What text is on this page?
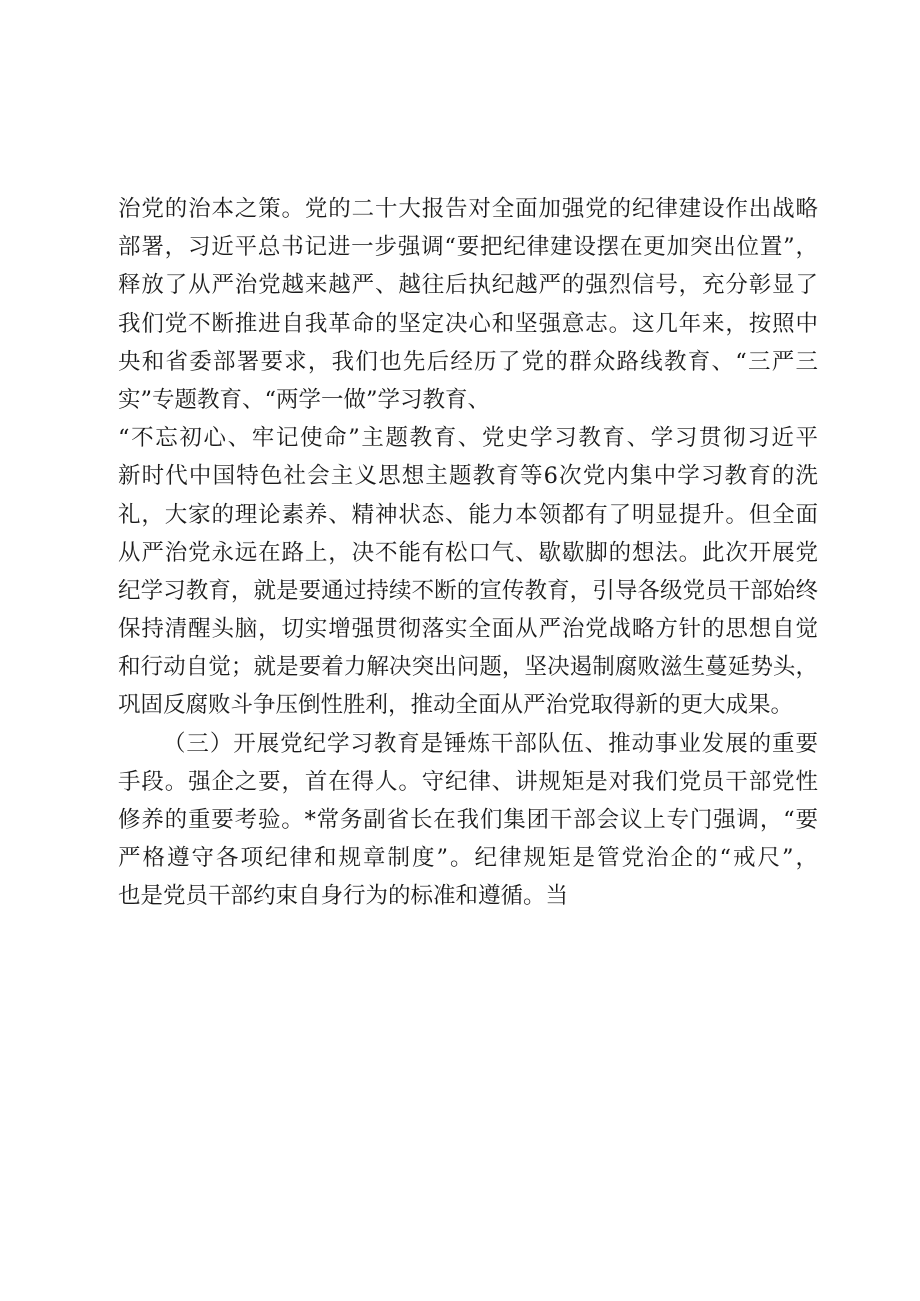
治党的治本之策。党的二十大报告对全面加强党的纪律建设作出战略
部署，习近平总书记进一步强调“要把纪律建设摆在更加突出位置”，
释放了从严治党越来越严、越往后执纪越严的强烈信号，充分彰显了
我们党不断推进自我革命的坚定决心和坚强意志。这几年来，按照中
央和省委部署要求，我们也先后经历了党的群众路线教育、“三严三
实”专题教育、“两学一做”学习教育、
“不忘初心、牢记使命”主题教育、党史学习教育、学习贯彻习近平
新时代中国特色社会主义思想主题教育等6次党内集中学习教育的洗
礼，大家的理论素养、精神状态、能力本领都有了明显提升。但全面
从严治党永远在路上，决不能有松口气、歇歇脚的想法。此次开展党
纪学习教育，就是要通过持续不断的宣传教育，引导各级党员干部始终
保持清醒头脑，切实增强贯彻落实全面从严治党战略方针的思想自觉
和行动自觉；就是要着力解决突出问题，坚决遏制腐败滋生蔓延势头，
巩固反腐败斗争压倒性胜利，推动全面从严治党取得新的更大成果。
（三）开展党纪学习教育是锤炼干部队伍、推动事业发展的重要
手段。强企之要，首在得人。守纪律、讲规矩是对我们党员干部党性
修养的重要考验。*常务副省长在我们集团干部会议上专门强调，“要
严格遵守各项纪律和规章制度”。纪律规矩是管党治企的“戒尺”，
也是党员干部约束自身行为的标准和遵循。当
